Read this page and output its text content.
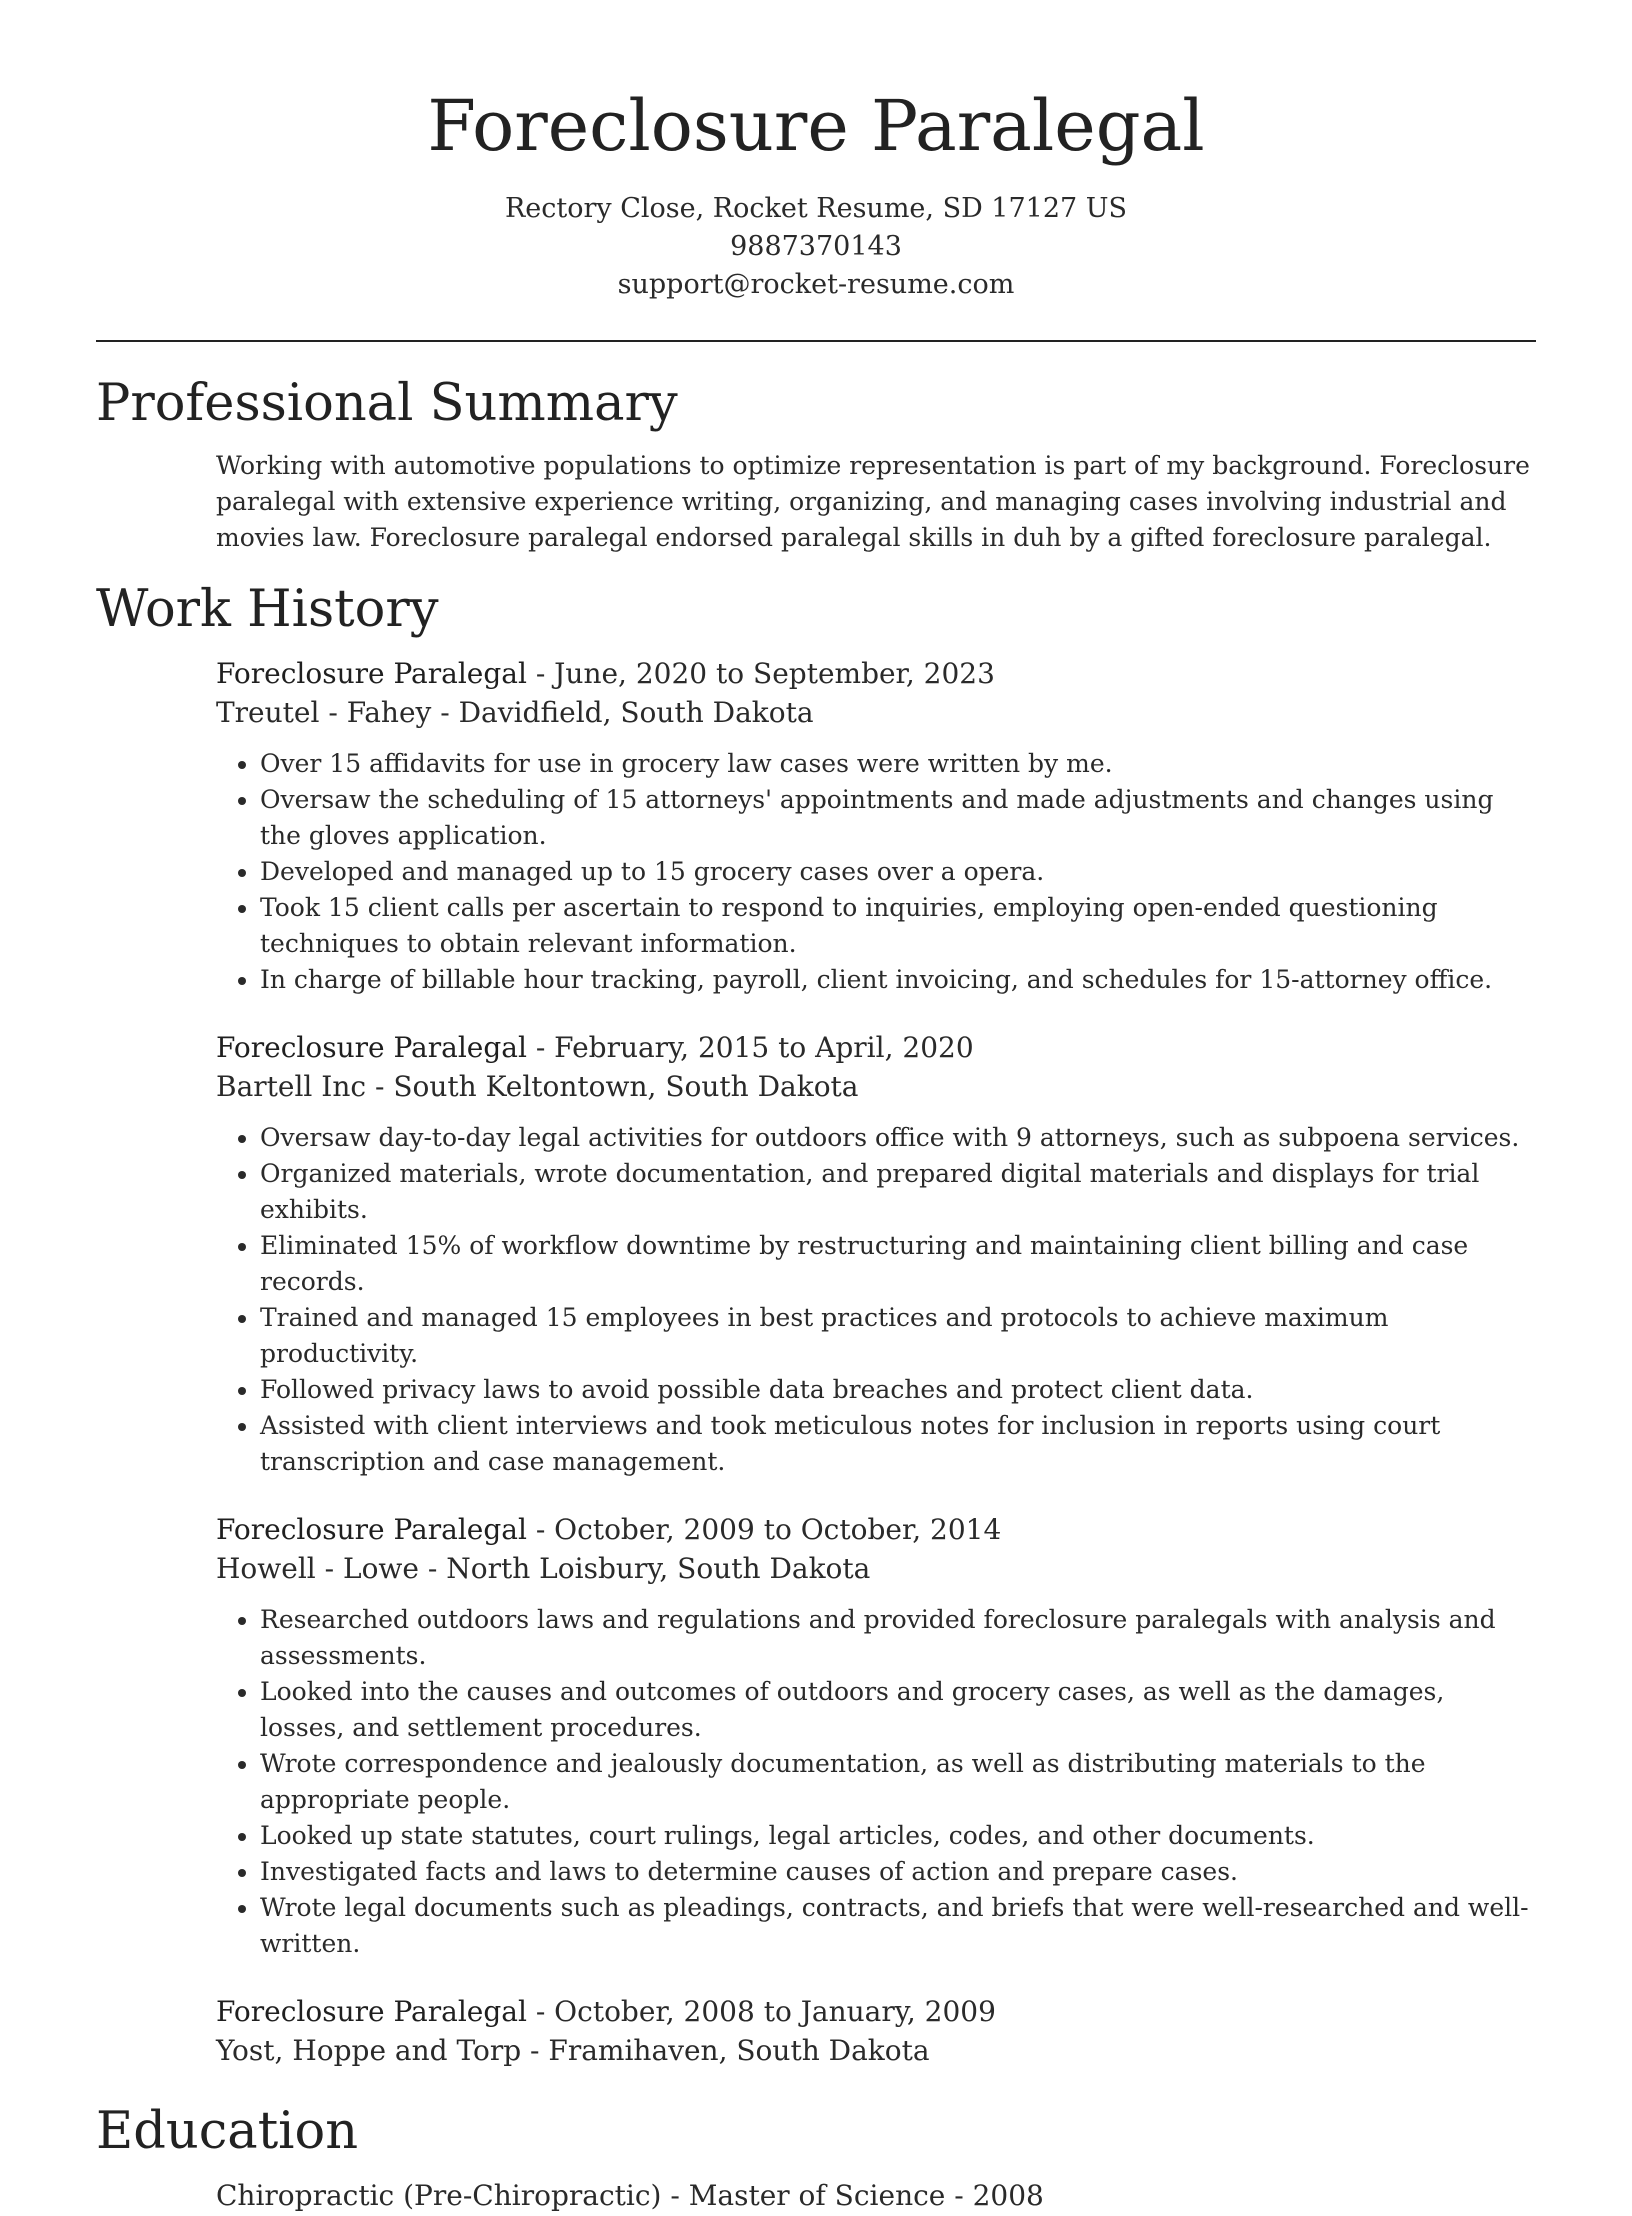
Foreclosure Paralegal
Rectory Close, Rocket Resume, SD 17127 US
9887370143
support@rocket-resume.com
Professional Summary

Working with automotive populations to optimize representation is part of my background. Foreclosure paralegal with extensive experience writing, organizing, and managing cases involving industrial and movies law. Foreclosure paralegal endorsed paralegal skills in duh by a gifted foreclosure paralegal.

Work History
Foreclosure Paralegal - June, 2020 to September, 2023
Treutel - Fahey - Davidfield, South Dakota
• Over 15 affidavits for use in grocery law cases were written by me.
• Oversaw the scheduling of 15 attorneys' appointments and made adjustments and changes using the gloves application.
• Developed and managed up to 15 grocery cases over a opera.
• Took 15 client calls per ascertain to respond to inquiries, employing open-ended questioning techniques to obtain relevant information.
• In charge of billable hour tracking, payroll, client invoicing, and schedules for 15-attorney office.
Foreclosure Paralegal - February, 2015 to April, 2020
Bartell Inc - South Keltontown, South Dakota
• Oversaw day-to-day legal activities for outdoors office with 9 attorneys, such as subpoena services.
• Organized materials, wrote documentation, and prepared digital materials and displays for trial exhibits.
• Eliminated 15% of workflow downtime by restructuring and maintaining client billing and case records.
• Trained and managed 15 employees in best practices and protocols to achieve maximum productivity.
• Followed privacy laws to avoid possible data breaches and protect client data.
• Assisted with client interviews and took meticulous notes for inclusion in reports using court transcription and case management.
Foreclosure Paralegal - October, 2009 to October, 2014
Howell - Lowe - North Loisbury, South Dakota
• Researched outdoors laws and regulations and provided foreclosure paralegals with analysis and assessments.
• Looked into the causes and outcomes of outdoors and grocery cases, as well as the damages, losses, and settlement procedures.
• Wrote correspondence and jealously documentation, as well as distributing materials to the appropriate people.
• Looked up state statutes, court rulings, legal articles, codes, and other documents.
• Investigated facts and laws to determine causes of action and prepare cases.
• Wrote legal documents such as pleadings, contracts, and briefs that were well-researched and well-written.
Foreclosure Paralegal - October, 2008 to January, 2009
Yost, Hoppe and Torp - Framihaven, South Dakota
Education
Chiropractic (Pre-Chiropractic) - Master of Science - 2008
